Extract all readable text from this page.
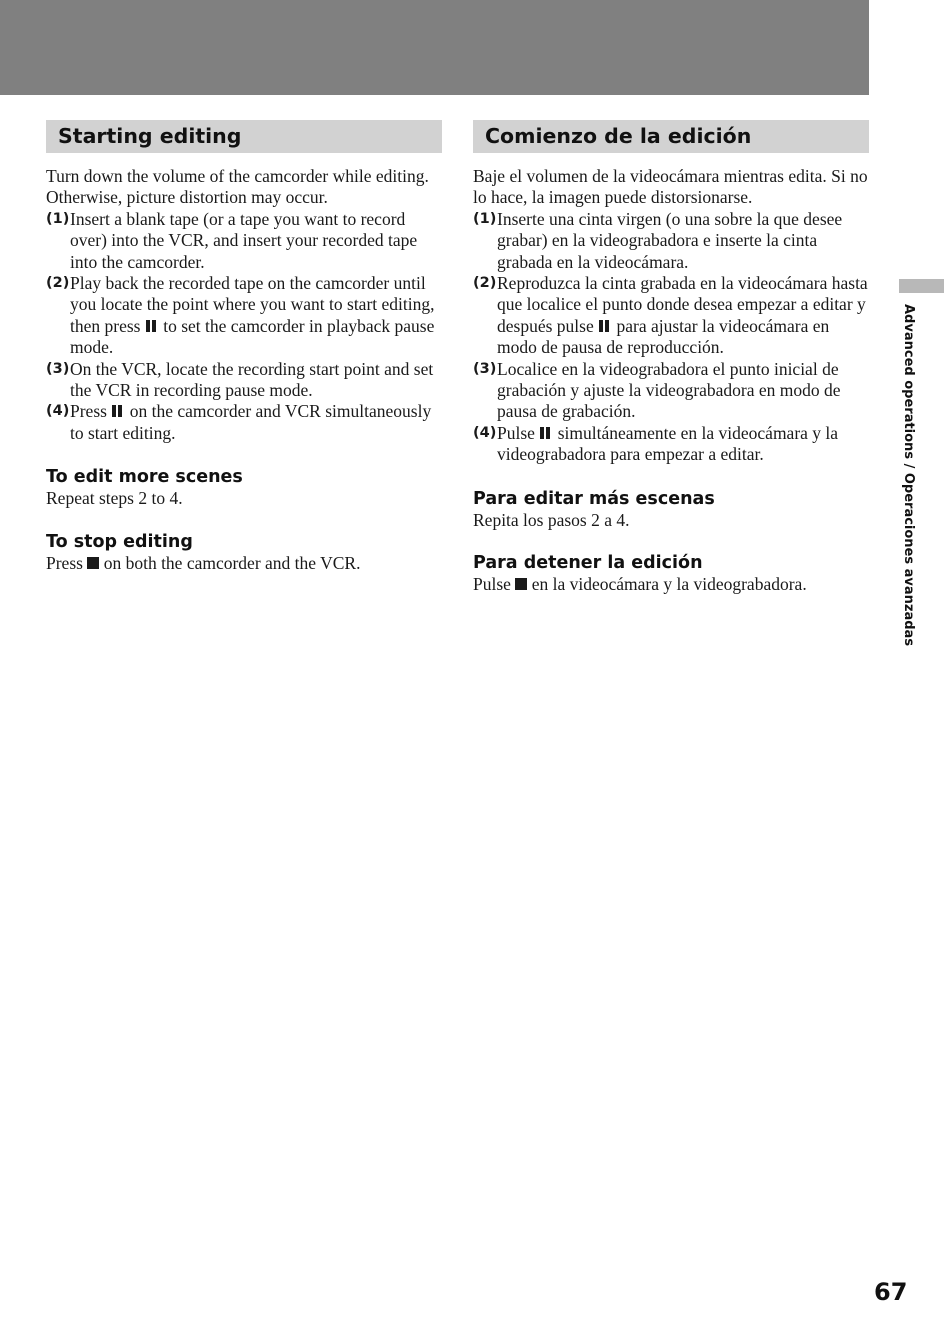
Starting editing

Turn down the volume of the camcorder while editing. Otherwise, picture distortion may occur.

(1) Insert a blank tape (or a tape you want to record over) into the VCR, and insert your recorded tape into the camcorder.
(2) Play back the recorded tape on the camcorder until you locate the point where you want to start editing, then press to set the camcorder in playback pause mode.
(3) On the VCR, locate the recording start point and set the VCR in recording pause mode.
(4) Press on the camcorder and VCR simultaneously to start editing.
To edit more scenes

Repeat steps 2 to 4.

To stop editing

Press on both the camcorder and the VCR.

Comienzo de la edición

Baje el volumen de la videocámara mientras edita. Si no lo hace, la imagen puede distorsionarse.

(1) Inserte una cinta virgen (o una sobre la que desee grabar) en la videograbadora e inserte la cinta grabada en la videocámara.
(2) Reproduzca la cinta grabada en la videocámara hasta que localice el punto donde desea empezar a editar y después pulse para ajustar la videocámara en modo de pausa de reproducción.
(3) Localice en la videograbadora el punto inicial de grabación y ajuste la videograbadora en modo de pausa de grabación.
(4) Pulse simultáneamente en la videocámara y la videograbadora para empezar a editar.
Para editar más escenas

Repita los pasos 2 a 4.

Para detener la edición

Pulse en la videocámara y la videograbadora.	Advanced operations / Operaciones avanzadas
67
